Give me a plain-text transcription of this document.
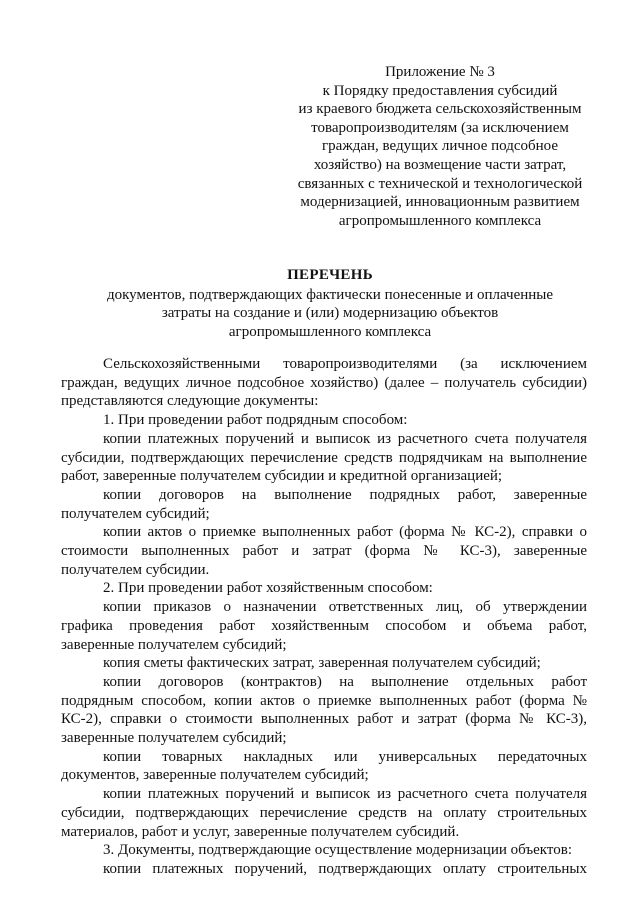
Приложение № 3
к Порядку предоставления субсидий
из краевого бюджета сельскохозяйственным
товаропроизводителям (за исключением
граждан, ведущих личное подсобное
хозяйство) на возмещение части затрат,
связанных с технической и технологической
модернизацией, инновационным развитием
агропромышленного комплекса
ПЕРЕЧЕНЬ
документов, подтверждающих фактически понесенные и оплаченные
затраты на создание и (или) модернизацию объектов
агропромышленного комплекса
Сельскохозяйственными товаропроизводителями (за исключением
граждан, ведущих личное подсобное хозяйство) (далее – получатель субсидии)
представляются следующие документы:
1. При проведении работ подрядным способом:
копии платежных поручений и выписок из расчетного счета получателя
субсидии, подтверждающих перечисление средств подрядчикам на выполнение
работ, заверенные получателем субсидии и кредитной организацией;
копии договоров на выполнение подрядных работ, заверенные
получателем субсидий;
копии актов о приемке выполненных работ (форма № КС-2), справки о
стоимости выполненных работ и затрат (форма № КС-3), заверенные
получателем субсидии.
2. При проведении работ хозяйственным способом:
копии приказов о назначении ответственных лиц, об утверждении
графика проведения работ хозяйственным способом и объема работ,
заверенные получателем субсидий;
копия сметы фактических затрат, заверенная получателем субсидий;
копии договоров (контрактов) на выполнение отдельных работ
подрядным способом, копии актов о приемке выполненных работ (форма №
КС-2), справки о стоимости выполненных работ и затрат (форма № КС-3),
заверенные получателем субсидий;
копии товарных накладных или универсальных передаточных
документов, заверенные получателем субсидий;
копии платежных поручений и выписок из расчетного счета получателя
субсидии, подтверждающих перечисление средств на оплату строительных
материалов, работ и услуг, заверенные получателем субсидий.
3. Документы, подтверждающие осуществление модернизации объектов:
копии платежных поручений, подтверждающих оплату строительных
